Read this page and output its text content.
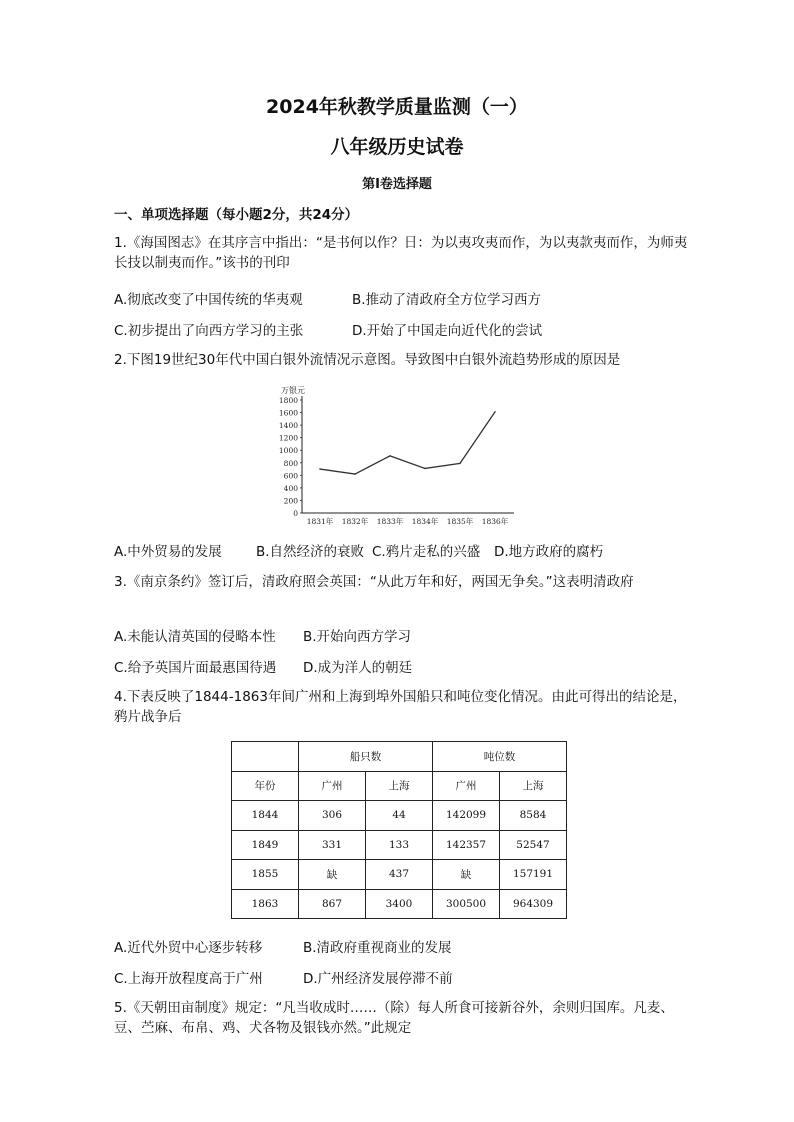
2024年秋教学质量监测（一）
八年级历史试卷
第Ⅰ卷选择题
一、单项选择题（每小题2分，共24分）
1.《海国图志》在其序言中指出：“是书何以作？日：为以夷攻夷而作，为以夷款夷而作，为师夷长技以制夷而作。”该书的刊印
A.彻底改变了中国传统的华夷观	B.推动了清政府全方位学习西方
C.初步提出了向西方学习的主张	D.开始了中国走向近代化的尝试
2.下图19世纪30年代中国白银外流情况示意图。导致图中白银外流趋势形成的原因是
万银元
0
200
400
600
800
1000
1200
1400
1600
1800
1831年 1832年 1833年 1834年 1835年 1836年
A.中外贸易的发展	B.自然经济的衰败 C.鸦片走私的兴盛 D.地方政府的腐朽
3.《南京条约》签订后，清政府照会英国：“从此万年和好，两国无争矣。”这表明清政府
A.未能认清英国的侵略本性 B.开始向西方学习
C.给予英国片面最惠国待遇 D.成为洋人的朝廷
4.下表反映了1844-1863年间广州和上海到埠外国船只和吨位变化情况。由此可得出的结论是，鸦片战争后
	船只数		吨位数	
年份	广州	上海	广州	上海
1844	306	44	142099	8584
1849	331	133	142357	52547
1855	缺	437	缺	157191
1863	867	3400	300500	964309
A.近代外贸中心逐步转移	B.清政府重视商业的发展
C.上海开放程度高于广州	D.广州经济发展停滞不前
5.《天朝田亩制度》规定：“凡当收成时……（除）每人所食可接新谷外，余则归国库。凡麦、豆、苎麻、布帛、鸡、犬各物及银钱亦然。”此规定
